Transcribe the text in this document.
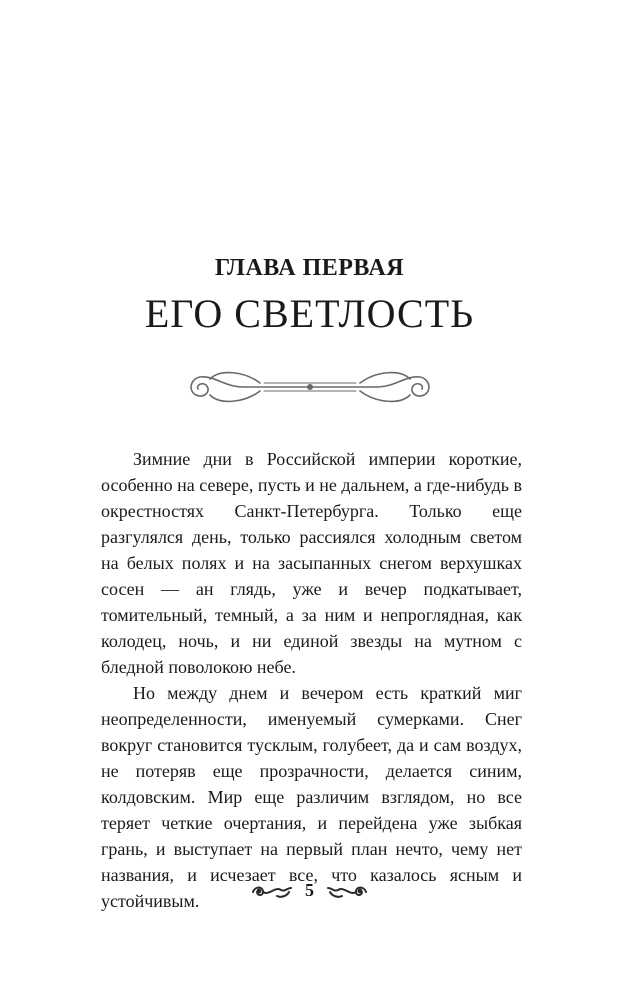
ГЛАВА ПЕРВАЯ
ЕГО СВЕТЛОСТЬ

Зимние дни в Российской империи короткие, особенно на севере, пусть и не дальнем, а где-нибудь в окрестностях Санкт-Петербурга. Только еще разгулялся день, только рассиялся холодным светом на белых полях и на засыпанных снегом верхушках сосен — ан глядь, уже и вечер подкатывает, томительный, темный, а за ним и непроглядная, как колодец, ночь, и ни единой звезды на мутном с бледной поволокою небе.

Но между днем и вечером есть краткий миг неопределенности, именуемый сумерками. Снег вокруг становится тусклым, голубеет, да и сам воздух, не потеряв еще прозрачности, делается синим, колдовским. Мир еще различим взглядом, но все теряет четкие очертания, и перейдена уже зыбкая грань, и выступает на первый план нечто, чему нет названия, и исчезает все, что казалось ясным и устойчивым.

5
